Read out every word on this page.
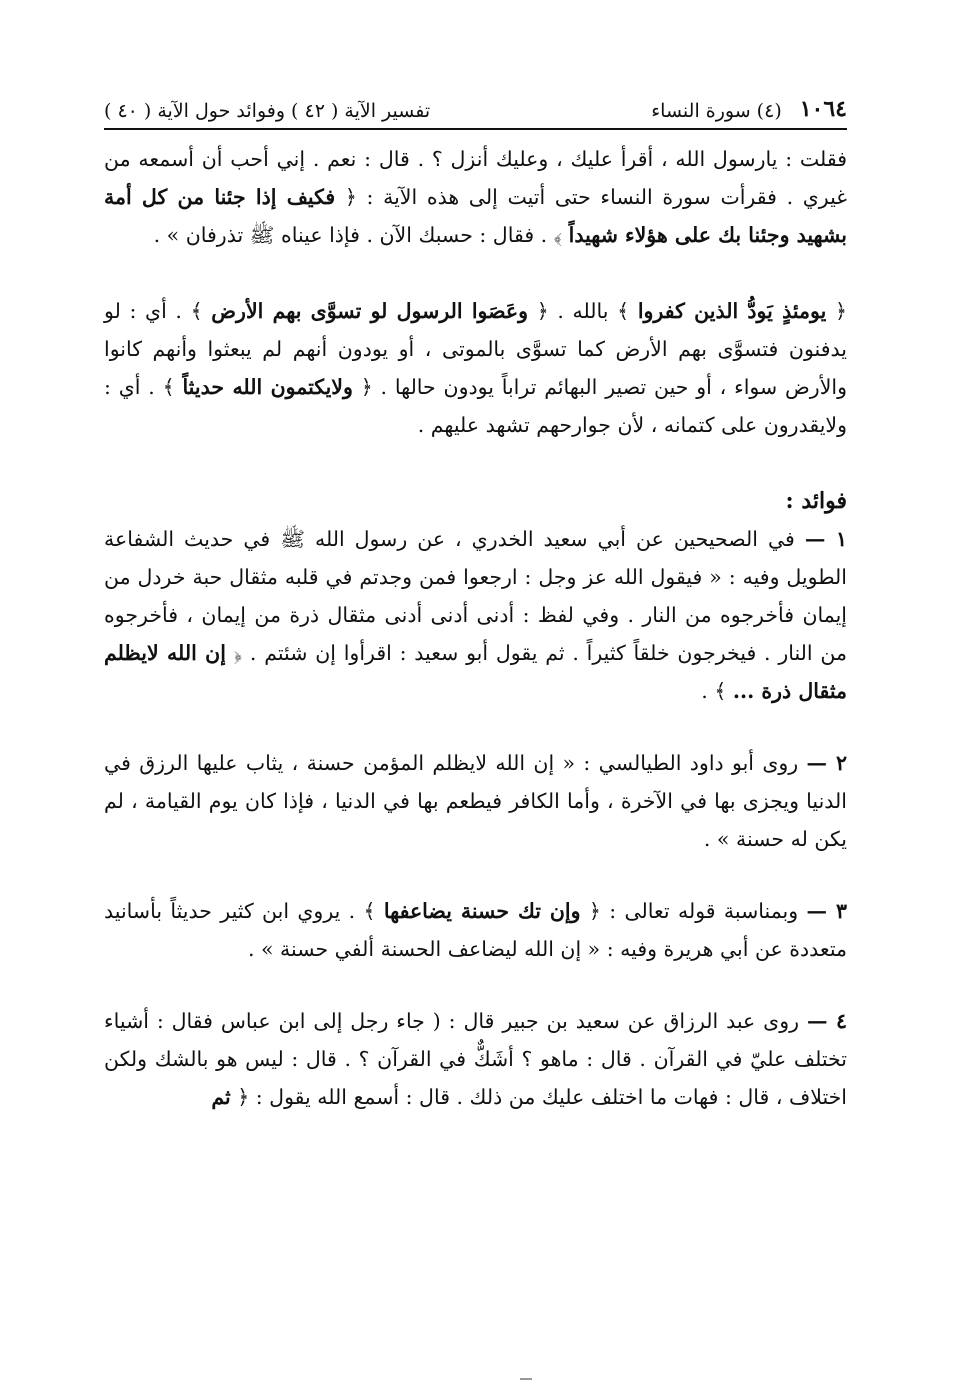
١٠٦٤
(٤) سورة النساء
تفسير الآية ( ٤٢ ) وفوائد حول الآية ( ٤٠ )

فقلت : يارسول الله ، أقرأ عليك ، وعليك أنزل ؟ . قال : نعم . إني أحب أن أسمعه من غيري . فقرأت سورة النساء حتى أتيت إلى هذه الآية : ﴿ فكيف إذا جئنا من كل أمة بشهيد وجئنا بك على هؤلاء شهيداً ﴾ . فقال : حسبك الآن . فإذا عيناه ﷺ تذرفان » .

﴿ يومئذٍ يَودُّ الذين كفروا ﴾ بالله . ﴿ وعَصَوا الرسول لو تسوَّى بهم الأرض ﴾ . أي : لو يدفنون فتسوَّى بهم الأرض كما تسوَّى بالموتى ، أو يودون أنهم لم يبعثوا وأنهم كانوا والأرض سواء ، أو حين تصير البهائم تراباً يودون حالها . ﴿ ولايكتمون الله حديثاً ﴾ . أي : ولايقدرون على كتمانه ، لأن جوارحهم تشهد عليهم .

فوائد :

١ — في الصحيحين عن أبي سعيد الخدري ، عن رسول الله ﷺ في حديث الشفاعة الطويل وفيه : « فيقول الله عز وجل : ارجعوا فمن وجدتم في قلبه مثقال حبة خردل من إيمان فأخرجوه من النار . وفي لفظ : أدنى أدنى أدنى مثقال ذرة من إيمان ، فأخرجوه من النار . فيخرجون خلقاً كثيراً . ثم يقول أبو سعيد : اقرأوا إن شئتم . ﴿ إن الله لايظلم مثقال ذرة ... ﴾ .

٢ — روى أبو داود الطيالسي : « إن الله لايظلم المؤمن حسنة ، يثاب عليها الرزق في الدنيا ويجزى بها في الآخرة ، وأما الكافر فيطعم بها في الدنيا ، فإذا كان يوم القيامة ، لم يكن له حسنة » .

٣ — وبمناسبة قوله تعالى : ﴿ وإن تك حسنة يضاعفها ﴾ . يروي ابن كثير حديثاً بأسانيد متعددة عن أبي هريرة وفيه : « إن الله ليضاعف الحسنة ألفي حسنة » .

٤ — روى عبد الرزاق عن سعيد بن جبير قال : ( جاء رجل إلى ابن عباس فقال : أشياء تختلف عليّ في القرآن . قال : ماهو ؟ أشَكٌّ في القرآن ؟ . قال : ليس هو بالشك ولكن اختلاف ، قال : فهات ما اختلف عليك من ذلك . قال : أسمع الله يقول : ﴿ ثم
